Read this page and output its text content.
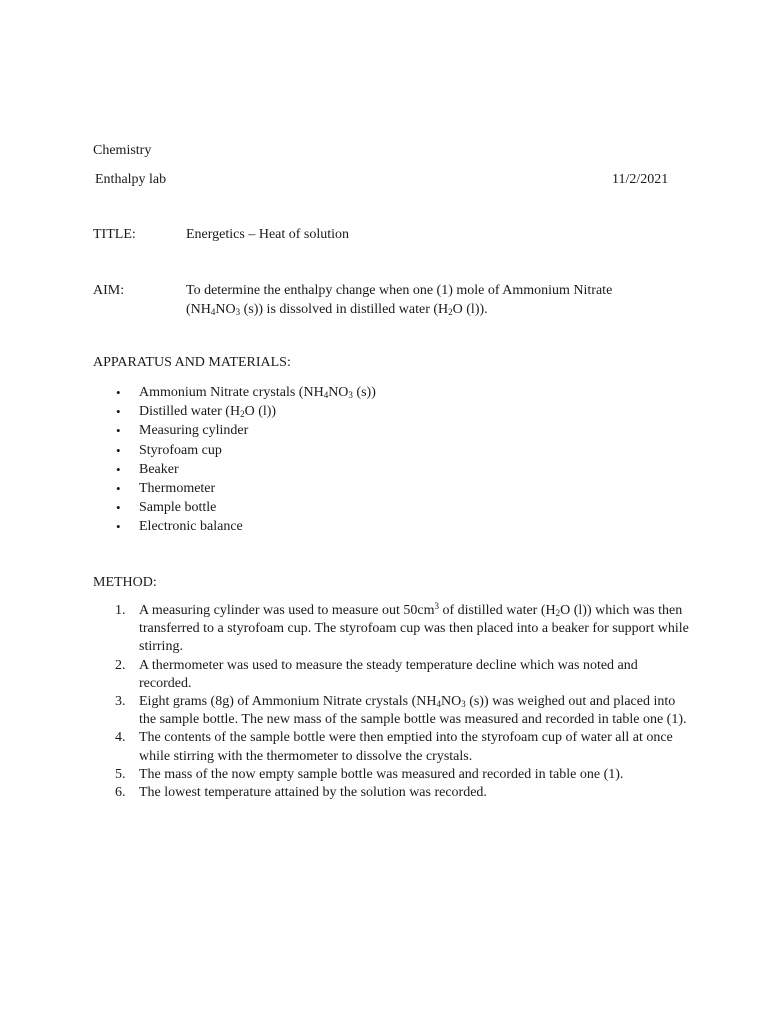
Chemistry
Enthalpy lab	11/2/2021
TITLE:	Energetics – Heat of solution
AIM:	To determine the enthalpy change when one (1) mole of Ammonium Nitrate
($NH_4NO_3$ (s)) is dissolved in distilled water ($H_2O$ (l)).
APPARATUS AND MATERIALS:
• Ammonium Nitrate crystals ($NH_4NO_3$ (s))
• Distilled water ($H_2O$ (l))
• Measuring cylinder
• Styrofoam cup
• Beaker
• Thermometer
• Sample bottle
• Electronic balance
METHOD:
1. A measuring cylinder was used to measure out $50cm^3$ of distilled water ($H_2O$ (l)) which was then transferred to a styrofoam cup. The styrofoam cup was then placed into a beaker for support while stirring.
2. A thermometer was used to measure the steady temperature decline which was noted and recorded.
3. Eight grams (8g) of Ammonium Nitrate crystals ($NH_4NO_3$ (s)) was weighed out and placed into the sample bottle. The new mass of the sample bottle was measured and recorded in table one (1).
4. The contents of the sample bottle were then emptied into the styrofoam cup of water all at once while stirring with the thermometer to dissolve the crystals.
5. The mass of the now empty sample bottle was measured and recorded in table one (1).
6. The lowest temperature attained by the solution was recorded.
